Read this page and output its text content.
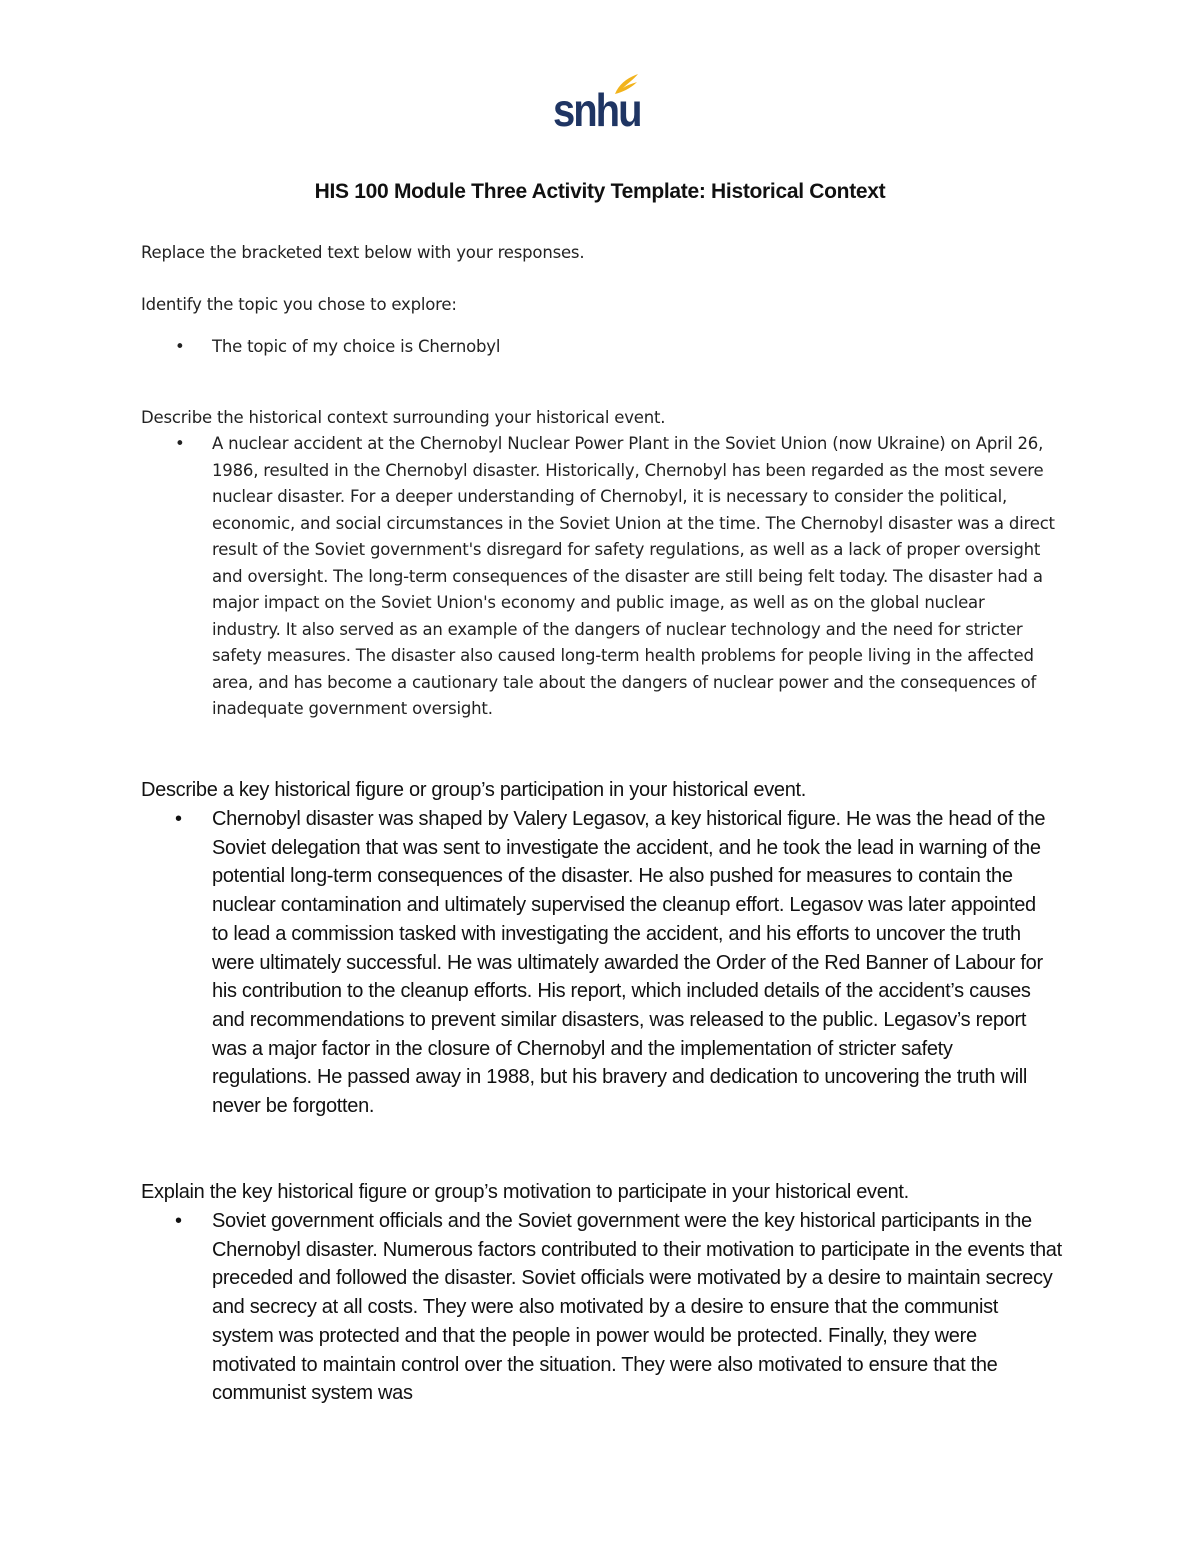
snhu
HIS 100 Module Three Activity Template: Historical Context
Replace the bracketed text below with your responses.
Identify the topic you chose to explore:
•	The topic of my choice is Chernobyl
Describe the historical context surrounding your historical event.
•	A nuclear accident at the Chernobyl Nuclear Power Plant in the Soviet Union (now Ukraine) on April 26, 1986, resulted in the Chernobyl disaster. Historically, Chernobyl has been regarded as the most severe nuclear disaster. For a deeper understanding of Chernobyl, it is necessary to consider the political, economic, and social circumstances in the Soviet Union at the time. The Chernobyl disaster was a direct result of the Soviet government's disregard for safety regulations, as well as a lack of proper oversight and oversight. The long-term consequences of the disaster are still being felt today. The disaster had a major impact on the Soviet Union's economy and public image, as well as on the global nuclear industry. It also served as an example of the dangers of nuclear technology and the need for stricter safety measures. The disaster also caused long-term health problems for people living in the affected area, and has become a cautionary tale about the dangers of nuclear power and the consequences of inadequate government oversight.
Describe a key historical figure or group’s participation in your historical event.
•	Chernobyl disaster was shaped by Valery Legasov, a key historical figure. He was the head of the Soviet delegation that was sent to investigate the accident, and he took the lead in warning of the potential long-term consequences of the disaster. He also pushed for measures to contain the nuclear contamination and ultimately supervised the cleanup effort. Legasov was later appointed to lead a commission tasked with investigating the accident, and his efforts to uncover the truth were ultimately successful. He was ultimately awarded the Order of the Red Banner of Labour for his contribution to the cleanup efforts. His report, which included details of the accident’s causes and recommendations to prevent similar disasters, was released to the public. Legasov’s report was a major factor in the closure of Chernobyl and the implementation of stricter safety regulations. He passed away in 1988, but his bravery and dedication to uncovering the truth will never be forgotten.
Explain the key historical figure or group’s motivation to participate in your historical event.
•	Soviet government officials and the Soviet government were the key historical participants in the Chernobyl disaster. Numerous factors contributed to their motivation to participate in the events that preceded and followed the disaster. Soviet officials were motivated by a desire to maintain secrecy and secrecy at all costs. They were also motivated by a desire to ensure that the communist system was protected and that the people in power would be protected. Finally, they were motivated to maintain control over the situation. They were also motivated to ensure that the communist system was
